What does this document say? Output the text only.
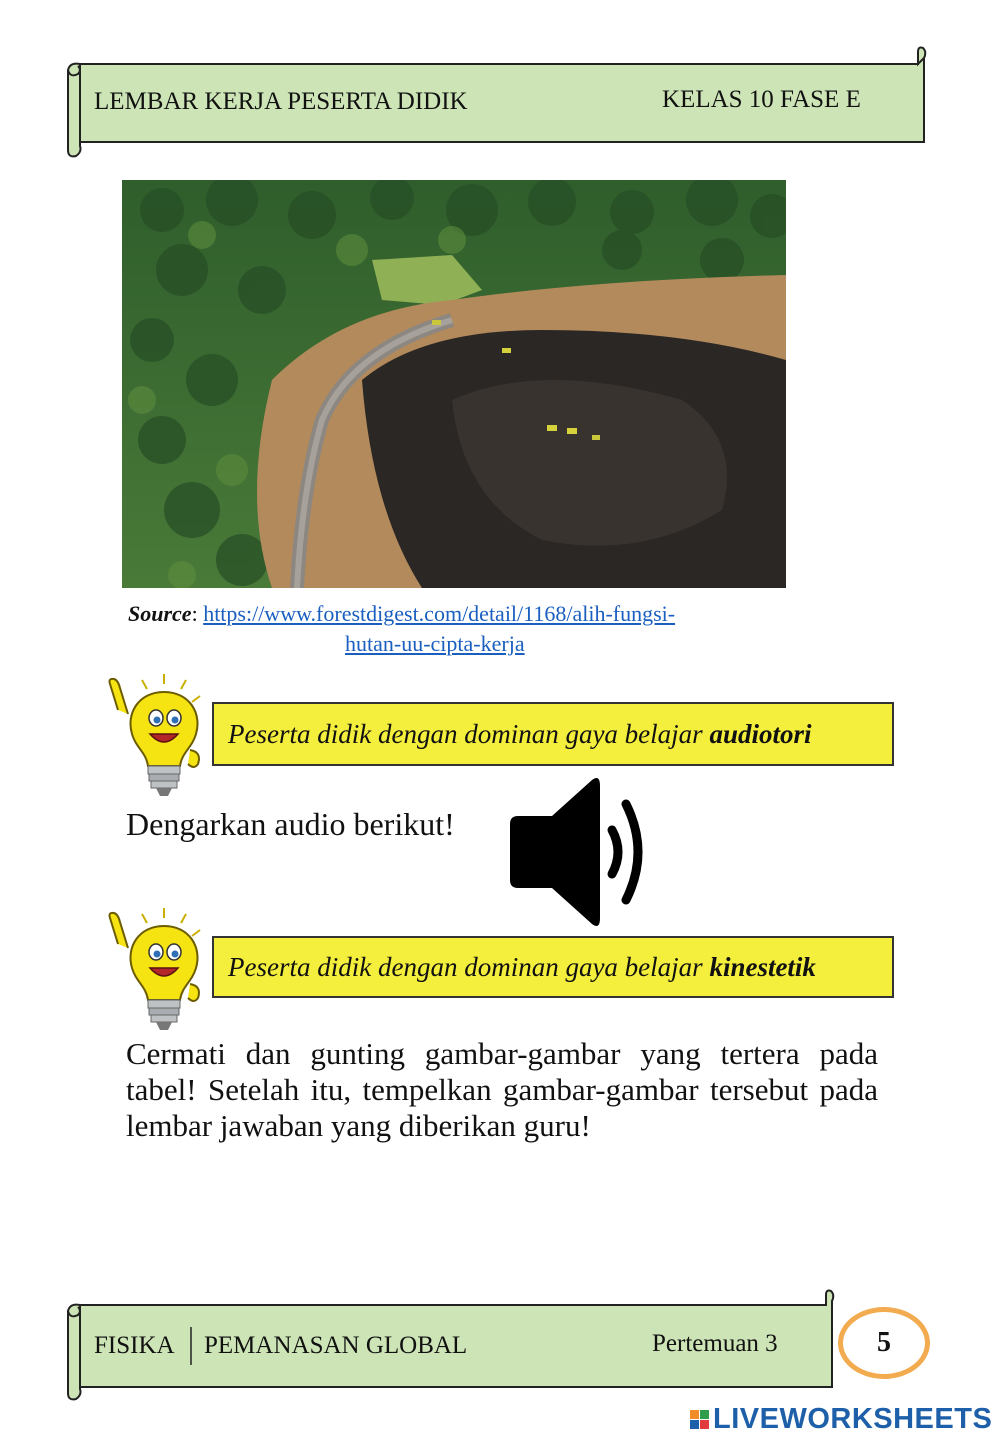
LEMBAR KERJA PESERTA DIDIK	KELAS 10 FASE E
Source: https://www.forestdigest.com/detail/1168/alih-fungsi-
hutan-uu-cipta-kerja
Peserta didik dengan dominan gaya belajar audiotori
Dengarkan audio berikut!
Peserta didik dengan dominan gaya belajar kinestetik
Cermati dan gunting gambar-gambar yang tertera pada tabel! Setelah itu, tempelkan gambar-gambar tersebut pada lembar jawaban yang diberikan guru!
FISIKA PEMANASAN GLOBAL	Pertemuan 3	5
LIVEWORKSHEETS
